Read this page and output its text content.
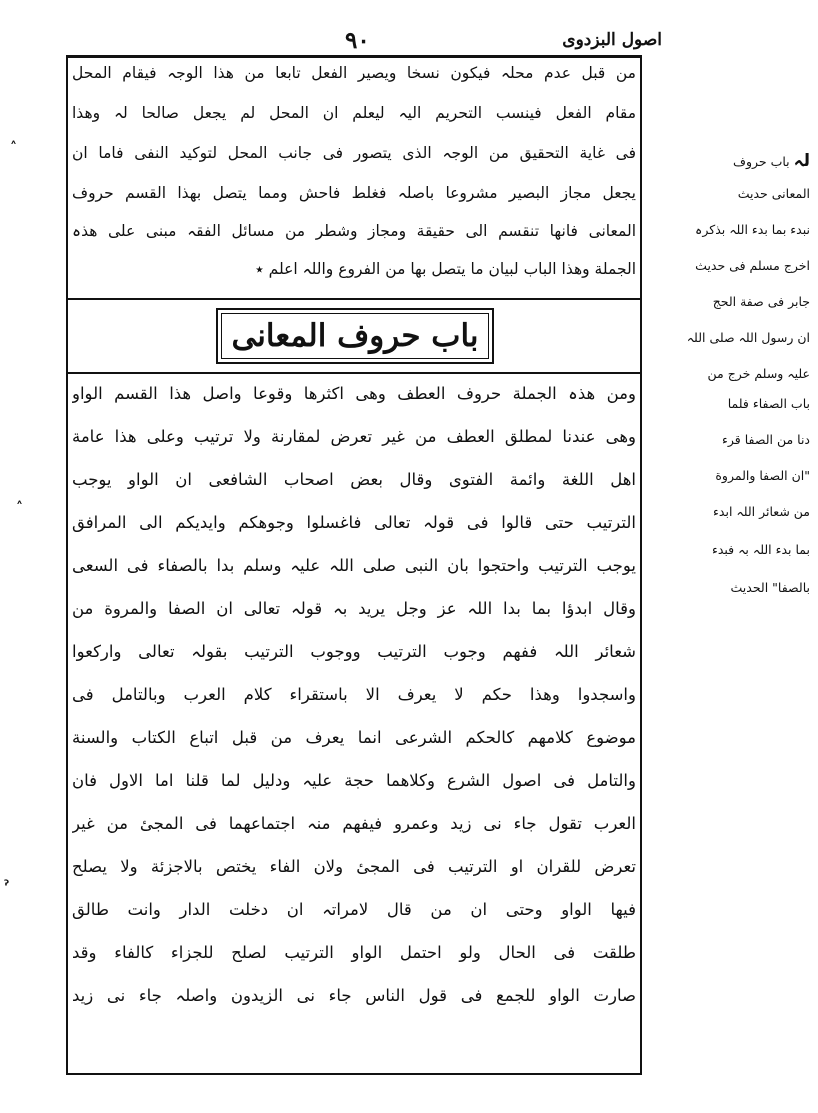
اصول البزدوی
٩٠
من قبل عدم محلہ فیکون نسخا ویصیر الفعل تابعا من ھذا الوجہ فیقام المحل
مقام الفعل فینسب التحریم الیہ لیعلم ان المحل لم یجعل صالحا لہ وھذا
فی غایة التحقیق من الوجہ الذی یتصور فی جانب المحل لتوکید النفی فاما ان
یجعل مجاز البصیر مشروعا باصلہ فغلط فاحش ومما یتصل بھذا القسم حروف
المعانی فانھا تنقسم الی حقیقة ومجاز وشطر من مسائل الفقہ مبنی علی ھذہ
الجملة وھذا الباب لبیان ما یتصل بھا من الفروع واللہ اعلم ٭
باب حروف المعانی
ومن ھذہ الجملة حروف العطف وھی اکثرھا وقوعا واصل ھذا القسم الواو
وھی عندنا لمطلق العطف من غیر تعرض لمقارنة ولا ترتیب وعلی ھذا عامة
اھل اللغة وائمة الفتوی وقال بعض اصحاب الشافعی ان الواو یوجب
الترتیب حتی قالوا فی قولہ تعالی فاغسلوا وجوھکم وایدیکم الی المرافق
یوجب الترتیب واحتجوا بان النبی صلی اللہ علیہ وسلم بدا بالصفاء فی السعی
وقال ابدؤا بما بدا اللہ عز وجل یرید بہ قولہ تعالی ان الصفا والمروة من
شعائر اللہ ففھم وجوب الترتیب ووجوب الترتیب بقولہ تعالی وارکعوا
واسجدوا وھذا حکم لا یعرف الا باستقراء کلام العرب وبالتامل فی
موضوع کلامھم کالحکم الشرعی انما یعرف من قبل اتباع الکتاب والسنة
والتامل فی اصول الشرع وکلاھما حجة علیہ ودلیل لما قلنا اما الاول فان
العرب تقول جاء نی زید وعمرو فیفھم منہ اجتماعھما فی المجیٔ من غیر
تعرض للقران او الترتیب فی المجیٔ ولان الفاء یختص بالاجزئة ولا یصلح
فیھا الواو وحتی ان من قال لامراتہ ان دخلت الدار وانت طالق
طلقت فی الحال ولو احتمل الواو الترتیب لصلح للجزاء کالفاء وقد
صارت الواو للجمع فی قول الناس جاء نی الزیدون واصلہ جاء نی زید
لہ باب حروف
المعانی حدیث
نبدء بما بدء اللہ بذکرہ
اخرج مسلم فی حدیث
جابر فی صفة الحج
ان رسول اللہ صلی اللہ
علیہ وسلم خرج من
باب الصفاء فلما
دنا من الصفا قرء
"ان الصفا والمروة
من شعائر اللہ ابدء
بما بدء اللہ بہ فبدء
بالصفا" الحدیث
˄
˄
ˀ
